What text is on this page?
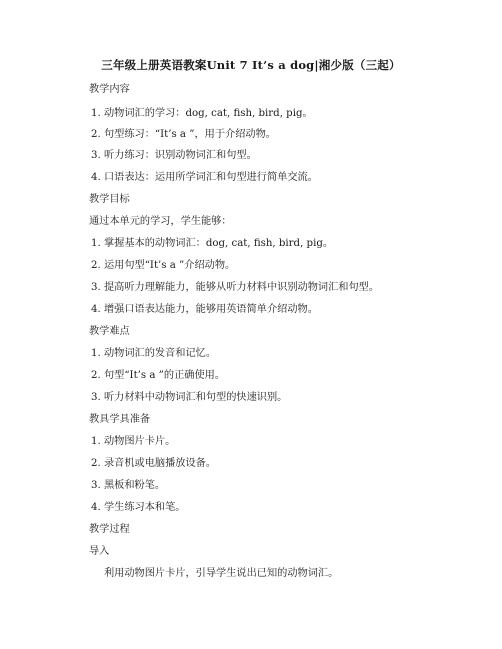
三年级上册英语教案Unit 7 It’s a dog|湘少版（三起）
教学内容
1. 动物词汇的学习：dog, cat, fish, bird, pig。
2. 句型练习：“It’s a ”，用于介绍动物。
3. 听力练习：识别动物词汇和句型。
4. 口语表达：运用所学词汇和句型进行简单交流。
教学目标
通过本单元的学习，学生能够：
1. 掌握基本的动物词汇：dog, cat, fish, bird, pig。
2. 运用句型“It’s a ”介绍动物。
3. 提高听力理解能力，能够从听力材料中识别动物词汇和句型。
4. 增强口语表达能力，能够用英语简单介绍动物。
教学难点
1. 动物词汇的发音和记忆。
2. 句型“It’s a ”的正确使用。
3. 听力材料中动物词汇和句型的快速识别。
教具学具准备
1. 动物图片卡片。
2. 录音机或电脑播放设备。
3. 黑板和粉笔。
4. 学生练习本和笔。
教学过程
导入
利用动物图片卡片，引导学生说出已知的动物词汇。
